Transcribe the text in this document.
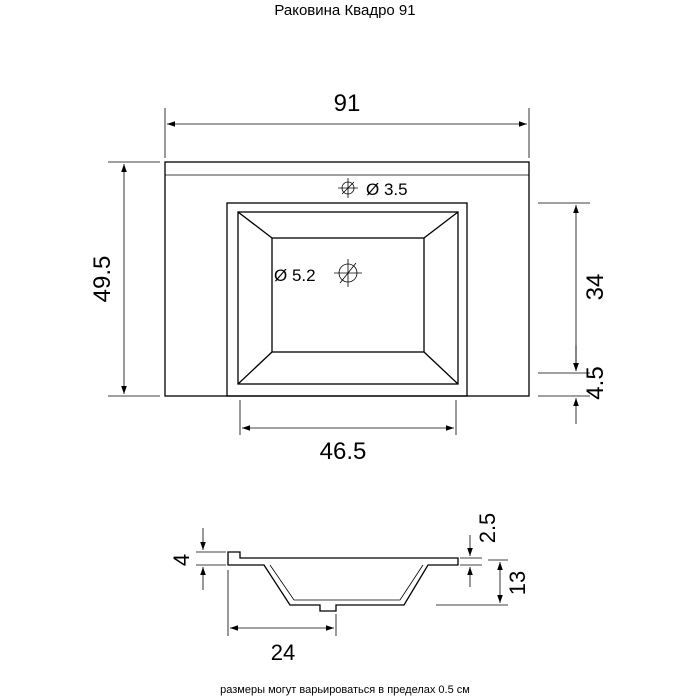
Раковина Квадро 91
Ø 3.5
Ø 5.2
91
49.5	34
4.5
46.5
2.5
13
4
24
размеры могут варьироваться в пределах 0.5 см
